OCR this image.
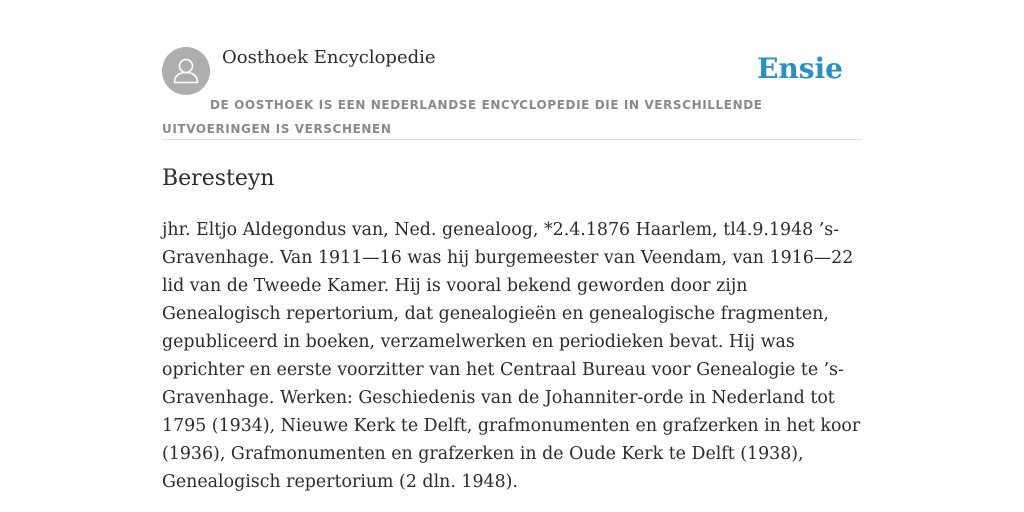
Oosthoek Encyclopedie	Ensie
DE OOSTHOEK IS EEN NEDERLANDSE ENCYCLOPEDIE DIE IN VERSCHILLENDE UITVOERINGEN IS VERSCHENEN
Beresteyn

jhr. Eltjo Aldegondus van, Ned. genealoog, *2.4.1876 Haarlem, tl4.9.1948 ’s-Gravenhage. Van 1911—16 was hij burgemeester van Veendam, van 1916—22 lid van de Tweede Kamer. Hij is vooral bekend geworden door zijn Genealogisch repertorium, dat genealogieën en genealogische fragmenten, gepubliceerd in boeken, verzamelwerken en periodieken bevat. Hij was oprichter en eerste voorzitter van het Centraal Bureau voor Genealogie te ’s-Gravenhage. Werken: Geschiedenis van de Johanniter-orde in Nederland tot 1795 (1934), Nieuwe Kerk te Delft, grafmonumenten en grafzerken in het koor (1936), Grafmonumenten en grafzerken in de Oude Kerk te Delft (1938), Genealogisch repertorium (2 dln. 1948).
